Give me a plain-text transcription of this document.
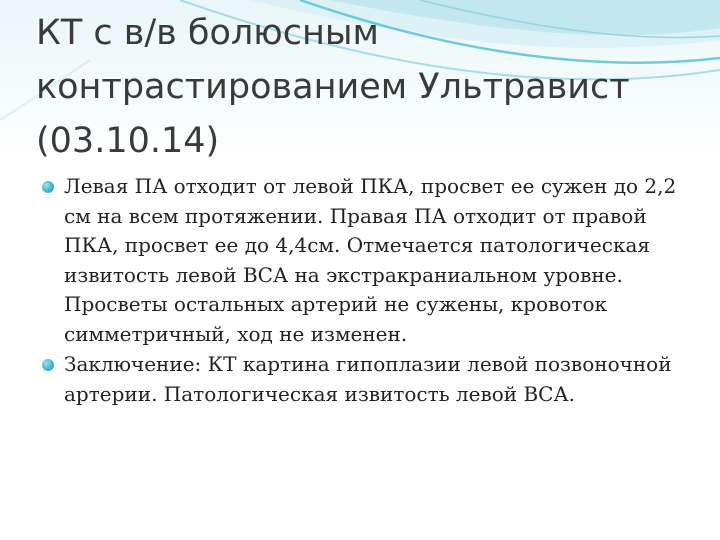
КТ с в/в болюсным контрастированием Ультравист (03.10.14)
Левая ПА отходит от левой ПКА, просвет ее сужен до 2,2 см на всем протяжении. Правая ПА отходит от правой ПКА, просвет ее до 4,4см. Отмечается патологическая извитость левой ВСА на экстракраниальном уровне. Просветы остальных артерий не сужены, кровоток симметричный, ход не изменен.
Заключение: КТ картина гипоплазии левой позвоночной артерии. Патологическая извитость левой ВСА.
